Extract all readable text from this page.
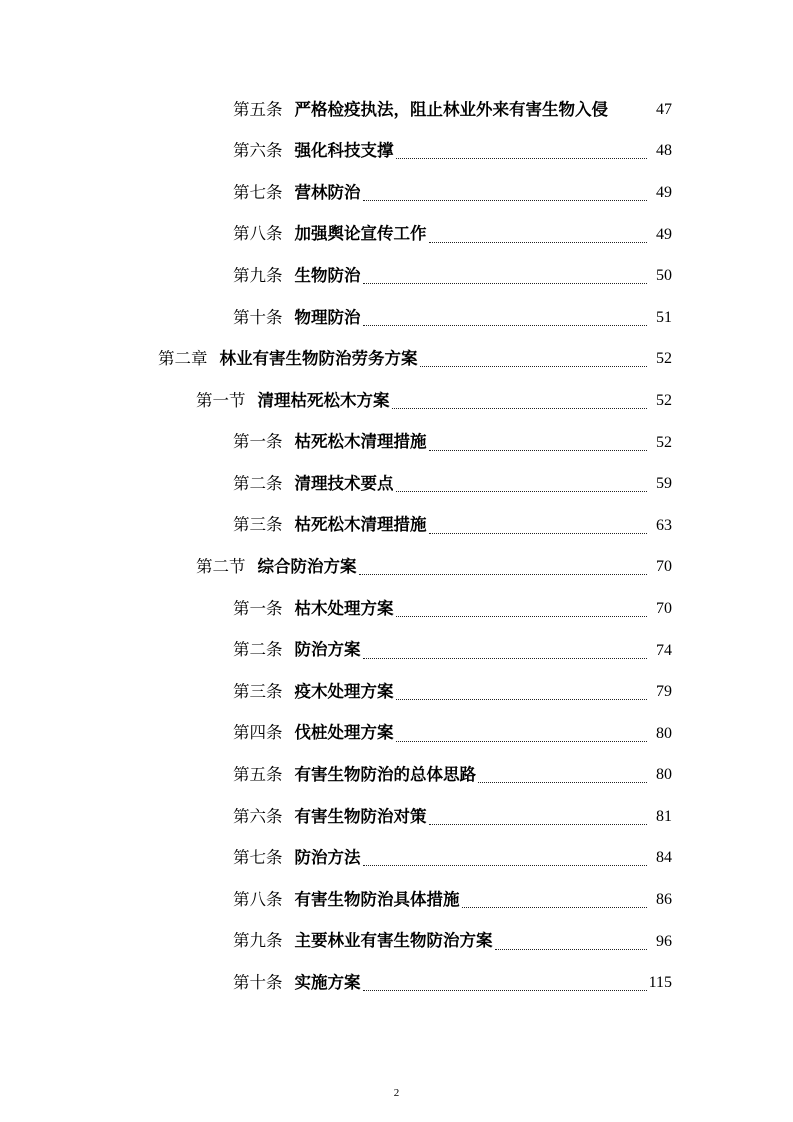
第五条 严格检疫执法，阻止林业外来有害生物入侵	47
第六条 强化科技支撑	48
第七条 营林防治	49
第八条 加强舆论宣传工作	49
第九条 生物防治	50
第十条 物理防治	51
第二章 林业有害生物防治劳务方案	52
第一节 清理枯死松木方案	52
第一条 枯死松木清理措施	52
第二条 清理技术要点	59
第三条 枯死松木清理措施	63
第二节 综合防治方案	70
第一条 枯木处理方案	70
第二条 防治方案	74
第三条 疫木处理方案	79
第四条 伐桩处理方案	80
第五条 有害生物防治的总体思路	80
第六条 有害生物防治对策	81
第七条 防治方法	84
第八条 有害生物防治具体措施	86
第九条 主要林业有害生物防治方案	96
第十条 实施方案	115
2
